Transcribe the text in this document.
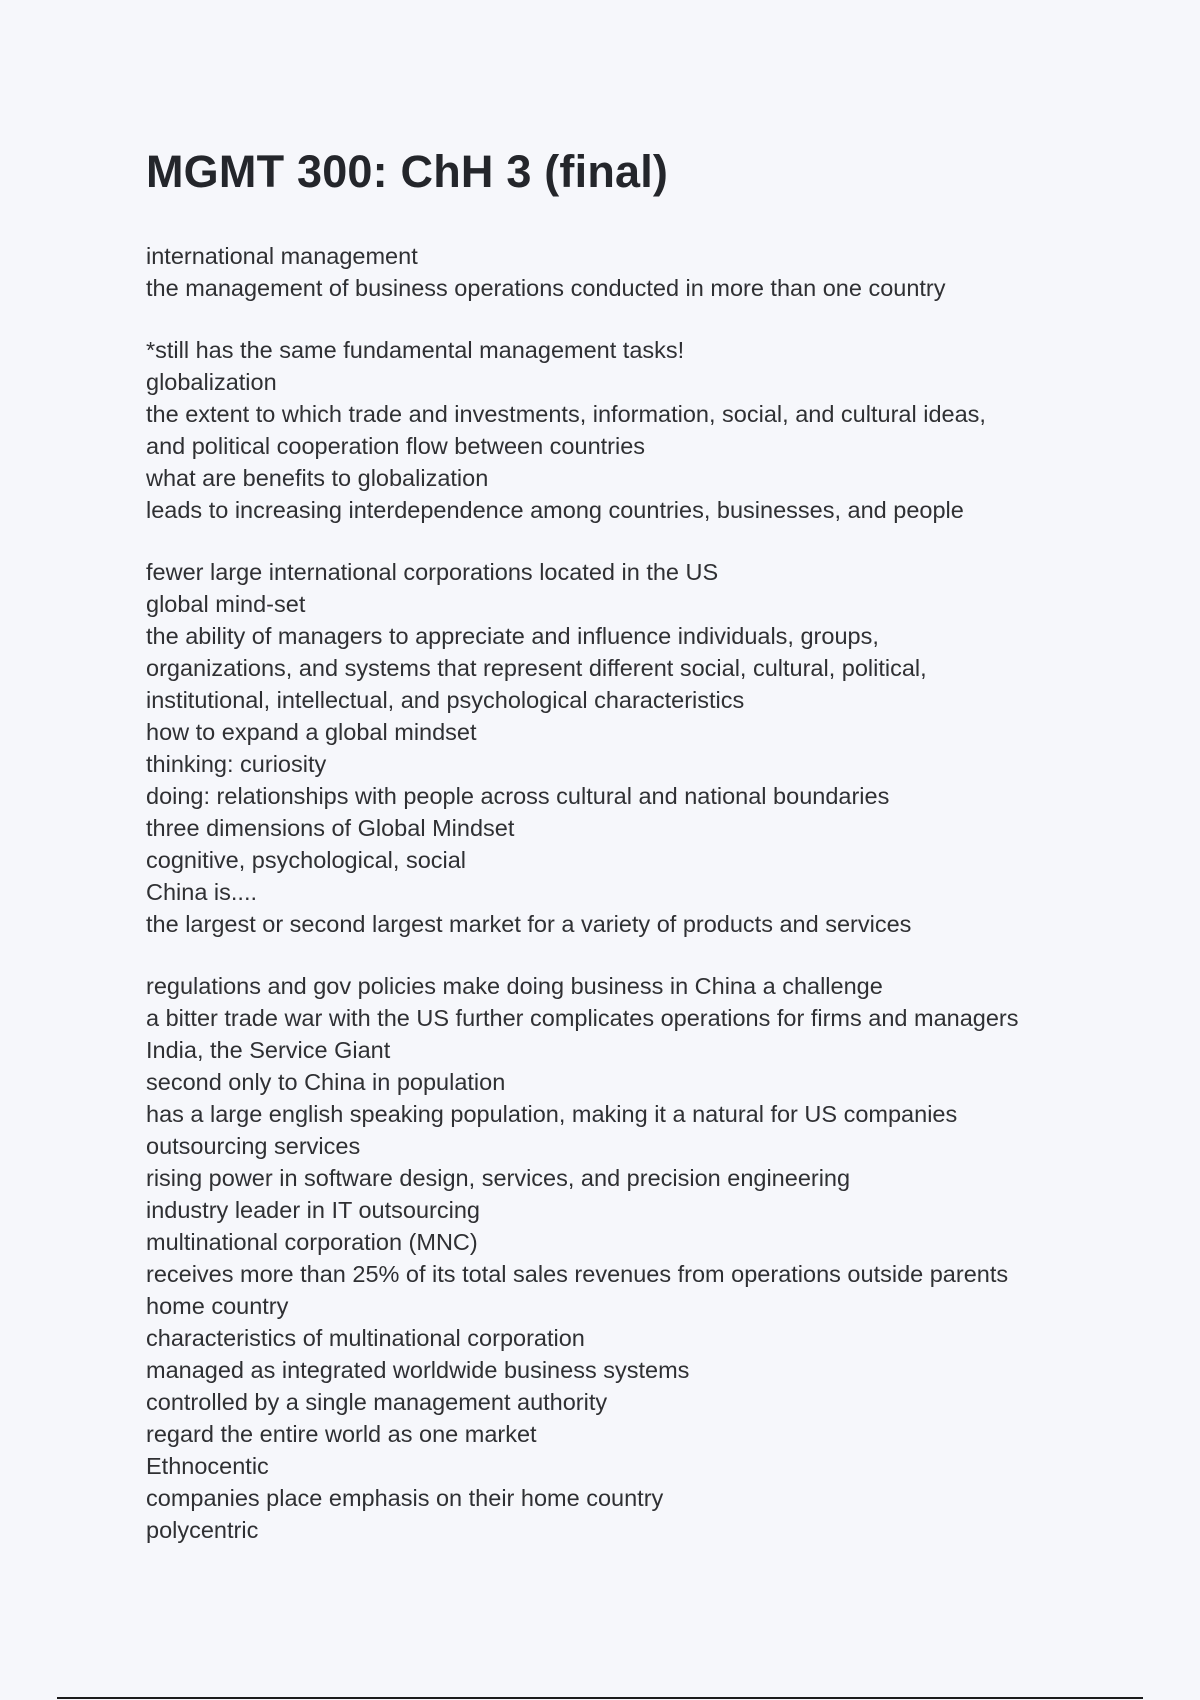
MGMT 300: ChH 3 (final)
international management
the management of business operations conducted in more than one country
*still has the same fundamental management tasks!
globalization
the extent to which trade and investments, information, social, and cultural ideas,
and political cooperation flow between countries
what are benefits to globalization
leads to increasing interdependence among countries, businesses, and people
fewer large international corporations located in the US
global mind-set
the ability of managers to appreciate and influence individuals, groups,
organizations, and systems that represent different social, cultural, political,
institutional, intellectual, and psychological characteristics
how to expand a global mindset
thinking: curiosity
doing: relationships with people across cultural and national boundaries
three dimensions of Global Mindset
cognitive, psychological, social
China is....
the largest or second largest market for a variety of products and services
regulations and gov policies make doing business in China a challenge
a bitter trade war with the US further complicates operations for firms and managers
India, the Service Giant
second only to China in population
has a large english speaking population, making it a natural for US companies
outsourcing services
rising power in software design, services, and precision engineering
industry leader in IT outsourcing
multinational corporation (MNC)
receives more than 25% of its total sales revenues from operations outside parents
home country
characteristics of multinational corporation
managed as integrated worldwide business systems
controlled by a single management authority
regard the entire world as one market
Ethnocentic
companies place emphasis on their home country
polycentric
